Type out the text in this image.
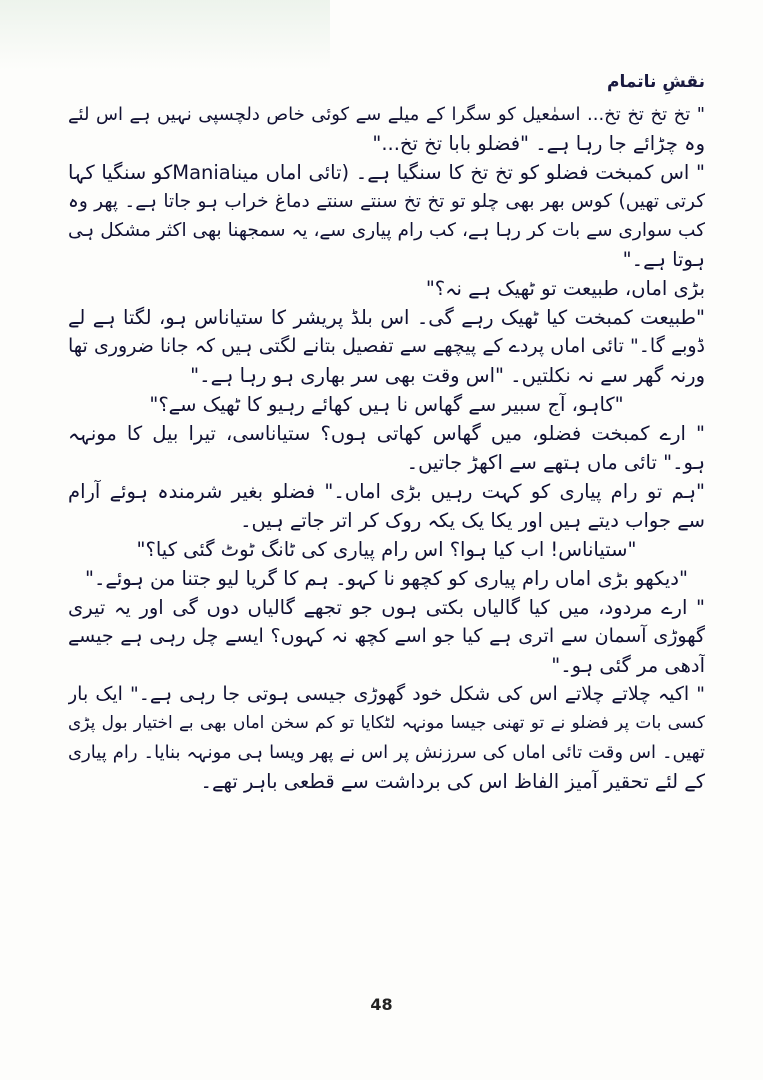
نقشِ ناتمام
" تخ تخ تخ تخ... اسمٰعیل کو سگرا کے میلے سے کوئی خاص دلچسپی نہیں ہے اس لئے
وہ چڑائے جا رہا ہے۔ "فضلو بابا تخ تخ..."
" اس کمبخت فضلو کو تخ تخ کا سنگیا ہے۔ (تائی اماں میناManiaکو سنگیا کہا
کرتی تھیں) کوس بھر بھی چلو تو تخ تخ سنتے سنتے دماغ خراب ہو جاتا ہے۔ پھر وہ
کب سواری سے بات کر رہا ہے، کب رام پیاری سے، یہ سمجھنا بھی اکثر مشکل ہی
ہوتا ہے۔"
بڑی اماں، طبیعت تو ٹھیک ہے نہ؟"
"طبیعت کمبخت کیا ٹھیک رہے گی۔ اس بلڈ پریشر کا ستیاناس ہو، لگتا ہے لے
ڈوبے گا۔" تائی اماں پردے کے پیچھے سے تفصیل بتانے لگتی ہیں کہ جانا ضروری تھا
ورنہ گھر سے نہ نکلتیں۔ "اس وقت بھی سر بھاری ہو رہا ہے۔"
"کاہو، آج سبیر سے گھاس نا ہیں کھائے رہیو کا ٹھیک سے؟"
" ارے کمبخت فضلو، میں گھاس کھاتی ہوں؟ ستیاناسی، تیرا بیل کا مونہہ
ہو۔" تائی ماں ہتھے سے اکھڑ جاتیں۔
"ہم تو رام پیاری کو کہت رہیں بڑی اماں۔" فضلو بغیر شرمندہ ہوئے آرام
سے جواب دیتے ہیں اور یکا یک یکہ روک کر اتر جاتے ہیں۔
"ستیاناس! اب کیا ہوا؟ اس رام پیاری کی ٹانگ ٹوٹ گئی کیا؟"
"دیکھو بڑی اماں رام پیاری کو کچھو نا کہو۔ ہم کا گریا لیو جتنا من ہوئے۔"
" ارے مردود، میں کیا گالیاں بکتی ہوں جو تجھے گالیاں دوں گی اور یہ تیری
گھوڑی آسمان سے اتری ہے کیا جو اسے کچھ نہ کہوں؟ ایسے چل رہی ہے جیسے
آدھی مر گئی ہو۔"
" اکیہ چلاتے چلاتے اس کی شکل خود گھوڑی جیسی ہوتی جا رہی ہے۔" ایک بار
کسی بات پر فضلو نے تو تھنی جیسا مونہہ لٹکایا تو کم سخن اماں بھی بے اختیار بول پڑی
تھیں۔ اس وقت تائی اماں کی سرزنش پر اس نے پھر ویسا ہی مونہہ بنایا۔ رام پیاری
کے لئے تحقیر آمیز الفاظ اس کی برداشت سے قطعی باہر تھے۔
48
